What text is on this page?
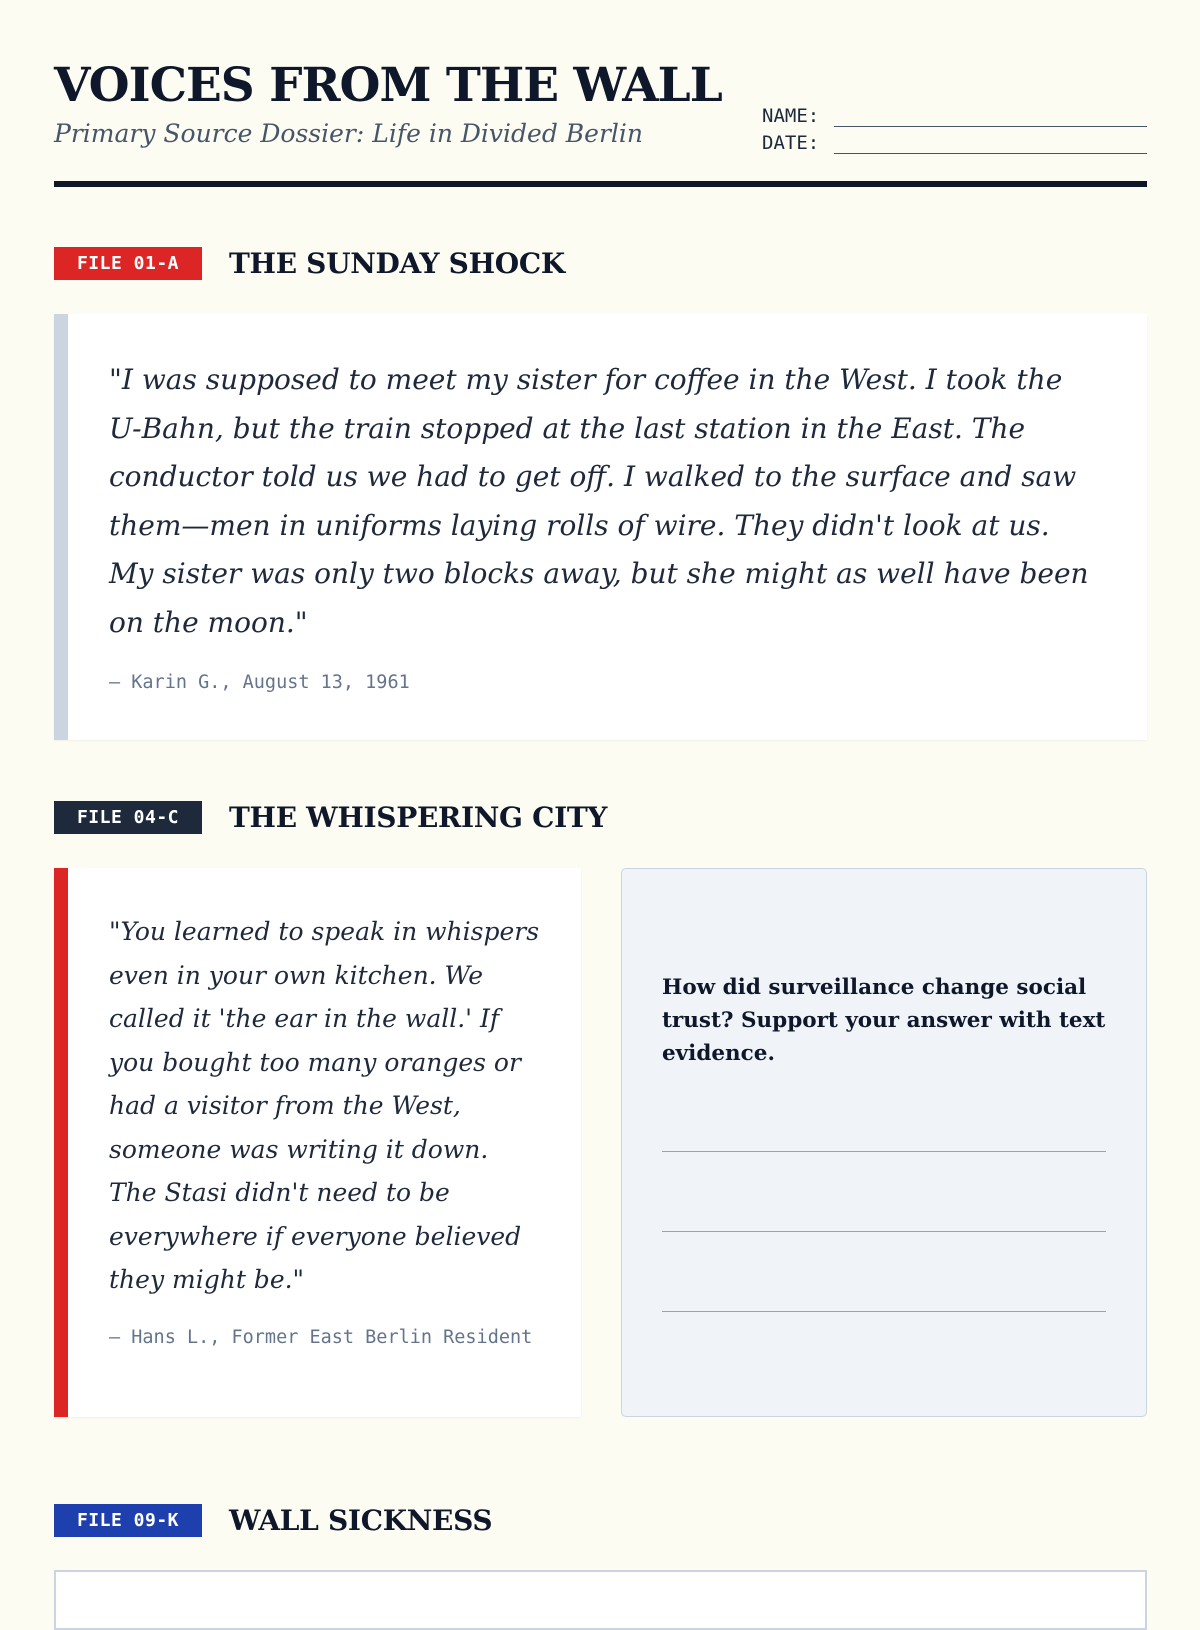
VOICES FROM THE WALL
Primary Source Dossier: Life in Divided Berlin
NAME:
DATE:
FILE 01-A	THE SUNDAY SHOCK

"I was supposed to meet my sister for coffee in the West. I took the U-Bahn, but the train stopped at the last station in the East. The conductor told us we had to get off. I walked to the surface and saw them—men in uniforms laying rolls of wire. They didn't look at us. My sister was only two blocks away, but she might as well have been on the moon."

— Karin G., August 13, 1961
FILE 04-C	THE WHISPERING CITY

"You learned to speak in whispers even in your own kitchen. We called it 'the ear in the wall.' If you bought too many oranges or had a visitor from the West, someone was writing it down. The Stasi didn't need to be everywhere if everyone believed they might be."

— Hans L., Former East Berlin Resident

How did surveillance change social trust? Support your answer with text evidence.

FILE 09-K	WALL SICKNESS
